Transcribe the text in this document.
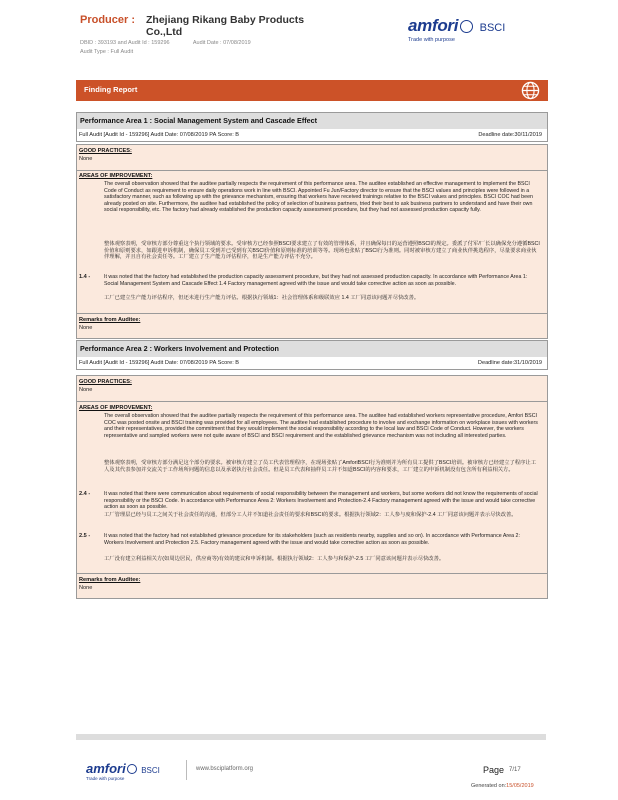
Producer : Zhejiang Rikang Baby Products Co.,Ltd
DBID : 393193 and Audit Id : 159296	Audit Date : 07/08/2019
Audit Type : Full Audit
amfori BSCI
Trade with purpose
Finding Report
Performance Area 1 : Social Management System and Cascade Effect
Full Audit [Audit Id - 159296] Audit Date: 07/08/2019 PA Score: B	Deadline date:30/11/2019
GOOD PRACTICES:
None
AREAS OF IMPROVEMENT:
The overall observation showed that the auditee partially respects the requirement of this performance area. The auditee established an effective management to implement the BSCI Code of Conduct as requirement to ensure daily operations work in line with BSCI. Appointed Fu Jun/Factory director to ensure that the BSCI values and principles were followed in a satisfactory manner, such as following up with the grievance mechanism, ensuring that workers have received trainings relative to the BSCI values and principles. BSCI COC had been already posted on site. Furthermore, the auditee had established the policy of selection of business partners, tried their best to ask business partners to understand and have their own social responsibility, etc. The factory had already established the production capacity assessment procedure, but they had not assessed production capacity fully.
整体观察表明，受审核方部分尊重这个执行领域的要求。受审核方已经参照BSCI要求建立了有效的管理体系，并且确保每日的运营遵照BSCI的规定。委派了付军/厂长以确保充分遵循BSCI价值和原则要求，如跟进申诉机制，确保员工受到并已受到有关BSCI价值和原则标准的培训等等。现场也张贴了BSCI行为准则。同时被审核方建立了商业伙伴挑选程序，尽量要求商业伙伴理解，并且自有社会责任等。工厂建立了生产能力评估程序，但是生产能力评估不充分。
1.4 -	It was noted that the factory had established the production capacity assessment procedure, but they had not assessed production capacity. In accordance with Performance Area 1: Social Management System and Cascade Effect 1.4 Factory management agreed with the issue and would take corrective action as soon as possible.
工厂已建立生产能力评估程序，但还未进行生产能力评估。根据执行领域1：社会管理体系和级联效应 1.4 工厂同意该问题并尽快改善。
Remarks from Auditee:
None
Performance Area 2 : Workers Involvement and Protection
Full Audit [Audit Id - 159296] Audit Date: 07/08/2019 PA Score: B	Deadline date:31/10/2019
GOOD PRACTICES:
None
AREAS OF IMPROVEMENT:
The overall observation showed that the auditee partially respects the requirement of this performance area. The auditee had established workers representative procedure, Amfori BSCI COC was posted onsite and BSCI training was provided for all employees. The auditee had established procedure to involve and exchange information on workplace issues with workers and their representatives, provided the commitment that they would implement the social responsibility according to the local law and BSCI Code of Conduct. However, the workers representative and sampled workers were not quite aware of BSCI and BSCI requirement and the established grievance mechanism was not including all interested parties.
整体观察表明，受审核方部分满足这个部分的要求。被审核方建立了员工代表管理程序，在现场张贴了AmforiBSCI行为准则并为所有员工提供了BSCI培训。被审核方已经建立了程序让工人及其代表参加并交流关于工作场所问题的信息以及承诺执行社会责任。但是员工代表和抽样员工并不知道BSCI的内容和要求，工厂建立的申诉机制没有包含所有利益相关方。
2.4 -	It was noted that there were communication about requirements of social responsibility between the management and workers, but some workers did not know the requirements of social responsibility or the BSCI Code. In accordance with Performance Area 2: Workers Involvement and Protection-2.4 Factory management agreed with the issue and would take corrective action as soon as possible.
工厂管理层已经与员工之间关于社会责任的沟通，但部分工人并不知道社会责任的要求和BSCI的要求。根据执行领域2：工人参与度和保护-2.4 工厂同意该问题并表示尽快改善。
2.5 -	It was noted that the factory had not established grievance procedure for its stakeholders (such as residents nearby, supplies and so on). In accordance with Performance Area 2: Workers Involvement and Protection 2.5. Factory management agreed with the issue and would take corrective action as soon as possible.
工厂没有建立利益相关方(如周边居民，供应商等)有效的建议和申诉机制。根据执行领域2：工人参与和保护-2.5 工厂同意该问题并表示尽快改善。
Remarks from Auditee:
None
amfori BSCI
Trade with purpose
www.bsciplatform.org	Page 7/17
Generated on:15/05/2019
